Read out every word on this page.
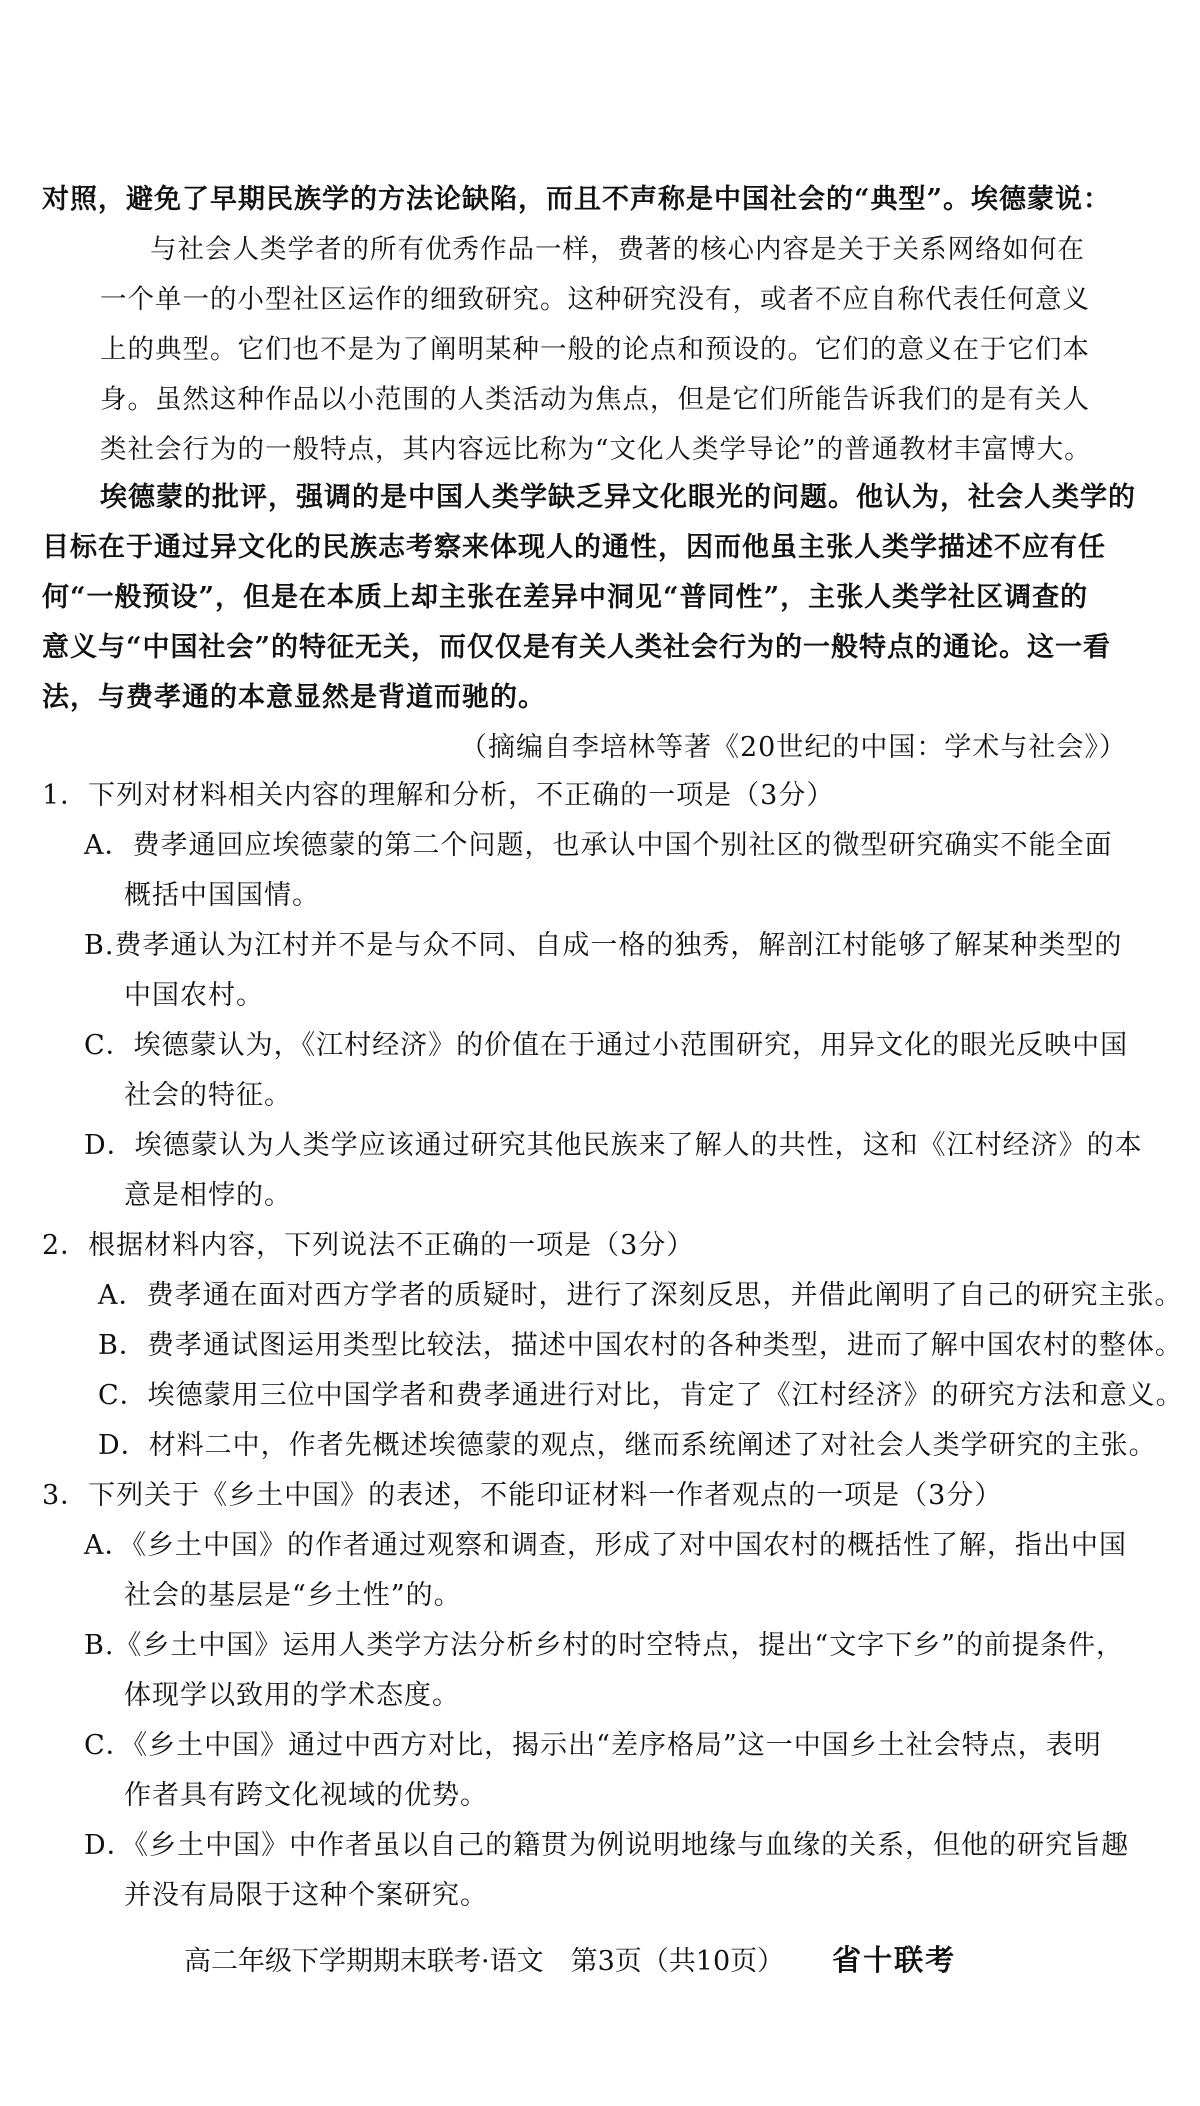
对照，避免了早期民族学的方法论缺陷，而且不声称是中国社会的“典型”。埃德蒙说：
与社会人类学者的所有优秀作品一样，费著的核心内容是关于关系网络如何在
一个单一的小型社区运作的细致研究。这种研究没有，或者不应自称代表任何意义
上的典型。它们也不是为了阐明某种一般的论点和预设的。它们的意义在于它们本
身。虽然这种作品以小范围的人类活动为焦点，但是它们所能告诉我们的是有关人
类社会行为的一般特点，其内容远比称为“文化人类学导论”的普通教材丰富博大。
埃德蒙的批评，强调的是中国人类学缺乏异文化眼光的问题。他认为，社会人类学的
目标在于通过异文化的民族志考察来体现人的通性，因而他虽主张人类学描述不应有任
何“一般预设”，但是在本质上却主张在差异中洞见“普同性”，主张人类学社区调查的
意义与“中国社会”的特征无关，而仅仅是有关人类社会行为的一般特点的通论。这一看
法，与费孝通的本意显然是背道而驰的。
（摘编自李培林等著《20世纪的中国：学术与社会》）
1．下列对材料相关内容的理解和分析，不正确的一项是（3分）
A．费孝通回应埃德蒙的第二个问题，也承认中国个别社区的微型研究确实不能全面
概括中国国情。
B.费孝通认为江村并不是与众不同、自成一格的独秀，解剖江村能够了解某种类型的
中国农村。
C．埃德蒙认为，《江村经济》的价值在于通过小范围研究，用异文化的眼光反映中国
社会的特征。
D．埃德蒙认为人类学应该通过研究其他民族来了解人的共性，这和《江村经济》的本
意是相悖的。
2．根据材料内容，下列说法不正确的一项是（3分）
A．费孝通在面对西方学者的质疑时，进行了深刻反思，并借此阐明了自己的研究主张。
B．费孝通试图运用类型比较法，描述中国农村的各种类型，进而了解中国农村的整体。
C．埃德蒙用三位中国学者和费孝通进行对比，肯定了《江村经济》的研究方法和意义。
D．材料二中，作者先概述埃德蒙的观点，继而系统阐述了对社会人类学研究的主张。
3．下列关于《乡土中国》的表述，不能印证材料一作者观点的一项是（3分）
A．《乡土中国》的作者通过观察和调查，形成了对中国农村的概括性了解，指出中国
社会的基层是“乡土性”的。
B.《乡土中国》运用人类学方法分析乡村的时空特点，提出“文字下乡”的前提条件，
体现学以致用的学术态度。
C．《乡土中国》通过中西方对比，揭示出“差序格局”这一中国乡土社会特点，表明
作者具有跨文化视域的优势。
D．《乡土中国》中作者虽以自己的籍贯为例说明地缘与血缘的关系，但他的研究旨趣
并没有局限于这种个案研究。
高二年级下学期期末联考·语文　第3页（共10页） 省十联考
